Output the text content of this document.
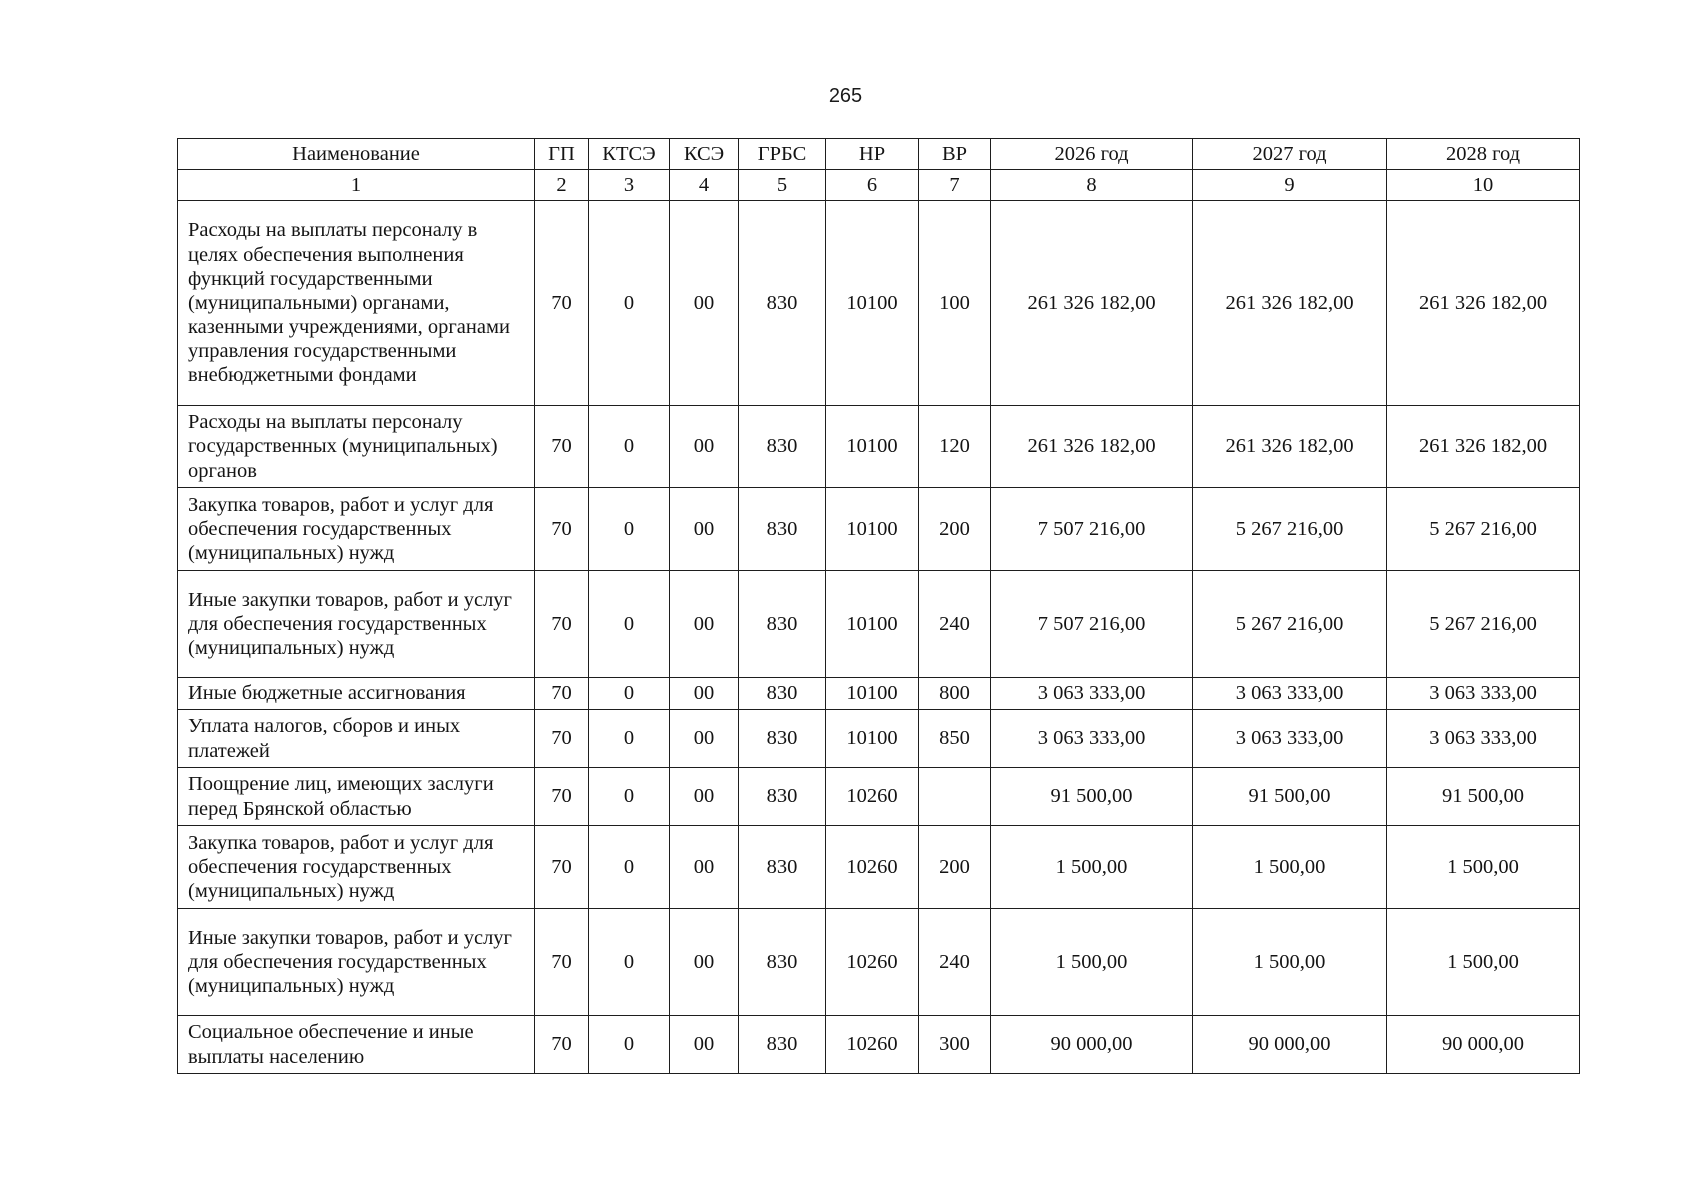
265
Наименование	ГП	КТСЭ	КСЭ	ГРБС	НР	ВР	2026 год	2027 год	2028 год
1	2	3	4	5	6	7	8	9	10
Расходы на выплаты персоналу в целях обеспечения выполнения функций государственными (муниципальными) органами, казенными учреждениями, органами управления государственными внебюджетными фондами	70	0	00	830	10100	100	261 326 182,00	261 326 182,00	261 326 182,00
Расходы на выплаты персоналу государственных (муниципальных) органов	70	0	00	830	10100	120	261 326 182,00	261 326 182,00	261 326 182,00
Закупка товаров, работ и услуг для обеспечения государственных (муниципальных) нужд	70	0	00	830	10100	200	7 507 216,00	5 267 216,00	5 267 216,00
Иные закупки товаров, работ и услуг для обеспечения государственных (муниципальных) нужд	70	0	00	830	10100	240	7 507 216,00	5 267 216,00	5 267 216,00
Иные бюджетные ассигнования	70	0	00	830	10100	800	3 063 333,00	3 063 333,00	3 063 333,00
Уплата налогов, сборов и иных платежей	70	0	00	830	10100	850	3 063 333,00	3 063 333,00	3 063 333,00
Поощрение лиц, имеющих заслуги перед Брянской областью	70	0	00	830	10260		91 500,00	91 500,00	91 500,00
Закупка товаров, работ и услуг для обеспечения государственных (муниципальных) нужд	70	0	00	830	10260	200	1 500,00	1 500,00	1 500,00
Иные закупки товаров, работ и услуг для обеспечения государственных (муниципальных) нужд	70	0	00	830	10260	240	1 500,00	1 500,00	1 500,00
Социальное обеспечение и иные выплаты населению	70	0	00	830	10260	300	90 000,00	90 000,00	90 000,00
